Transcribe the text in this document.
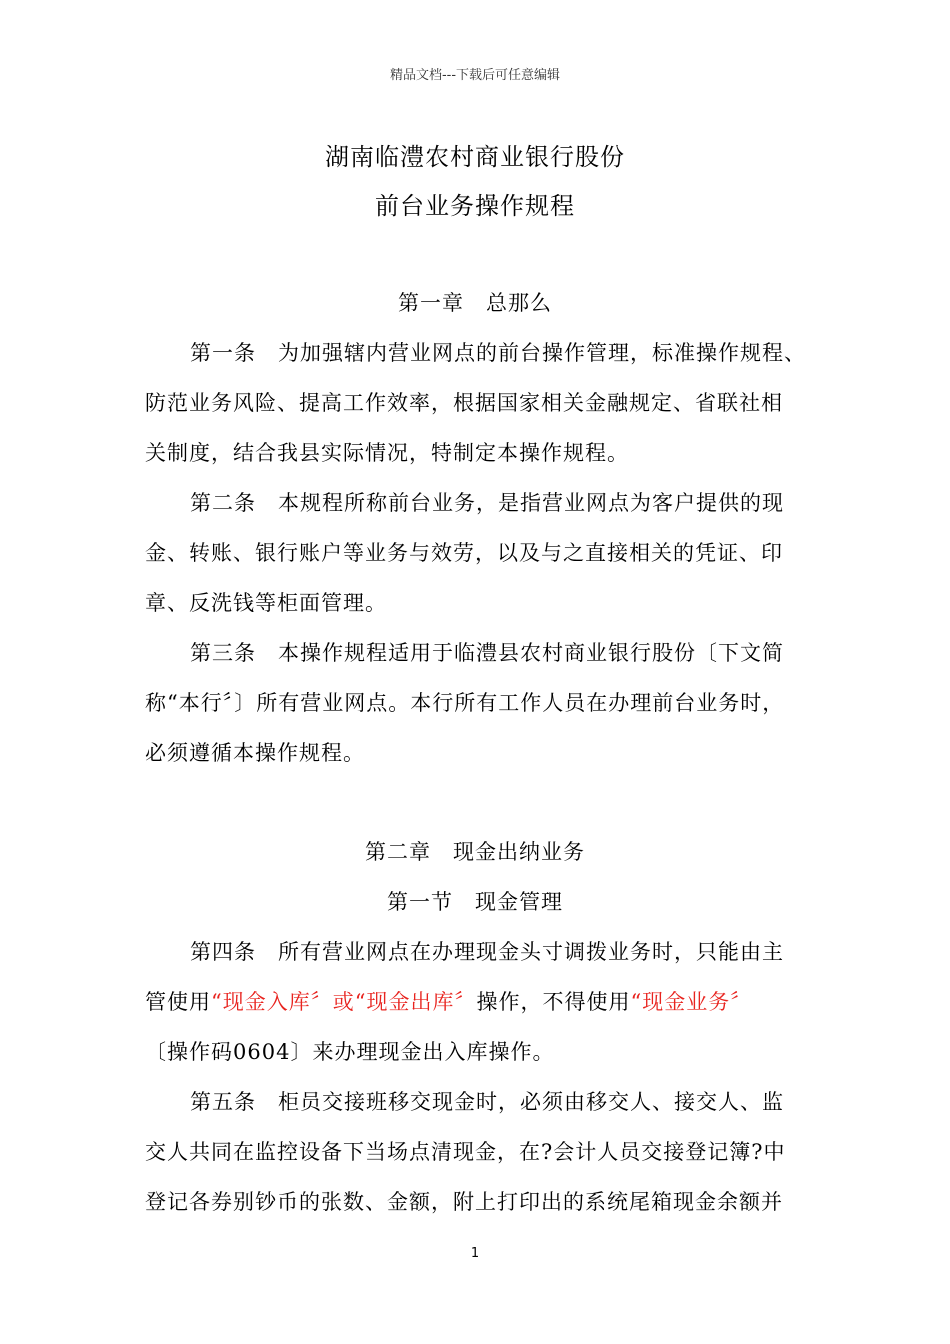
精品文档---下载后可任意编辑
湖南临澧农村商业银行股份
前台业务操作规程
第一章　总那么
第一条　为加强辖内营业网点的前台操作管理，标准操作规程、
防范业务风险、提高工作效率，根据国家相关金融规定、省联社相
关制度，结合我县实际情况，特制定本操作规程。
第二条　本规程所称前台业务，是指营业网点为客户提供的现
金、转账、银行账户等业务与效劳，以及与之直接相关的凭证、印
章、反洗钱等柜面管理。
第三条　本操作规程适用于临澧县农村商业银行股份〔下文简
称“本行〞〕所有营业网点。本行所有工作人员在办理前台业务时，
必须遵循本操作规程。
第二章　现金出纳业务
第一节　现金管理
第四条　所有营业网点在办理现金头寸调拨业务时，只能由主
管使用“现金入库〞或“现金出库〞操作，不得使用“现金业务〞
〔操作码0604〕来办理现金出入库操作。
第五条　柜员交接班移交现金时，必须由移交人、接交人、监
交人共同在监控设备下当场点清现金，在?会计人员交接登记簿?中
登记各券别钞币的张数、金额，附上打印出的系统尾箱现金余额并
1
